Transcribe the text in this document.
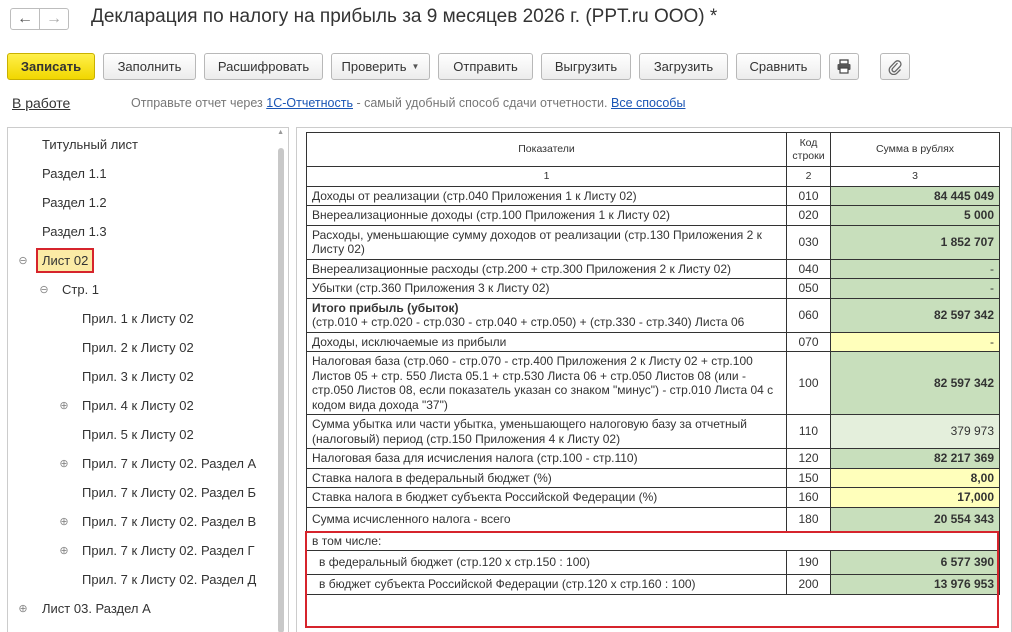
← → Декларация по налогу на прибыль за 9 месяцев 2026 г. (PPT.ru ООО) *
Записать	Заполнить	Расшифровать	Проверить ▼	Отправить	Выгрузить	Загрузить	Сравнить
В работе	Отправьте отчет через 1С-Отчетность - самый удобный способ сдачи отчетности. Все способы
Титульный лист
Раздел 1.1
Раздел 1.2
Раздел 1.3
⊖	Лист 02
⊖ Стр. 1
Прил. 1 к Листу 02
Прил. 2 к Листу 02
Прил. 3 к Листу 02
⊕ Прил. 4 к Листу 02
Прил. 5 к Листу 02
⊕ Прил. 7 к Листу 02. Раздел А
Прил. 7 к Листу 02. Раздел Б
⊕ Прил. 7 к Листу 02. Раздел В
⊕ Прил. 7 к Листу 02. Раздел Г
Прил. 7 к Листу 02. Раздел Д
⊕ Лист 03. Раздел А
▲
Показатели	Код строки	Сумма в рублях
1	2	3
Доходы от реализации (стр.040 Приложения 1 к Листу 02)	010	84 445 049
Внереализационные доходы (стр.100 Приложения 1 к Листу 02)	020	5 000
Расходы, уменьшающие сумму доходов от реализации (стр.130 Приложения 2 к Листу 02)	030	1 852 707
Внереализационные расходы (стр.200 + стр.300 Приложения 2 к Листу 02)	040	-
Убытки (стр.360 Приложения 3 к Листу 02)	050	-

Итого прибыль (убыток)
(стр.010 + стр.020 - стр.030 - стр.040 + стр.050) + (стр.330 - стр.340) Листа 06	060	82 597 342
Доходы, исключаемые из прибыли	070	-
Налоговая база (стр.060 - стр.070 - стр.400 Приложения 2 к Листу 02 + стр.100 Листов 05 + стр. 550 Листа 05.1 + стр.530 Листа 06 + стр.050 Листов 08 (или - стр.050 Листов 08, если показатель указан со знаком "минус") - стр.010 Листа 04 с кодом вида дохода "37")	100	82 597 342
Сумма убытка или части убытка, уменьшающего налоговую базу за отчетный (налоговый) период (стр.150 Приложения 4 к Листу 02)	110	379 973
Налоговая база для исчисления налога (стр.100 - стр.110)	120	82 217 369
Ставка налога в федеральный бюджет (%)	150	8,00
Ставка налога в бюджет субъекта Российской Федерации (%)	160	17,000
Сумма исчисленного налога - всего	180	20 554 343
в том числе:		
в федеральный бюджет (стр.120 х стр.150 : 100)	190	6 577 390
в бюджет субъекта Российской Федерации (стр.120 х стр.160 : 100)	200	13 976 953
